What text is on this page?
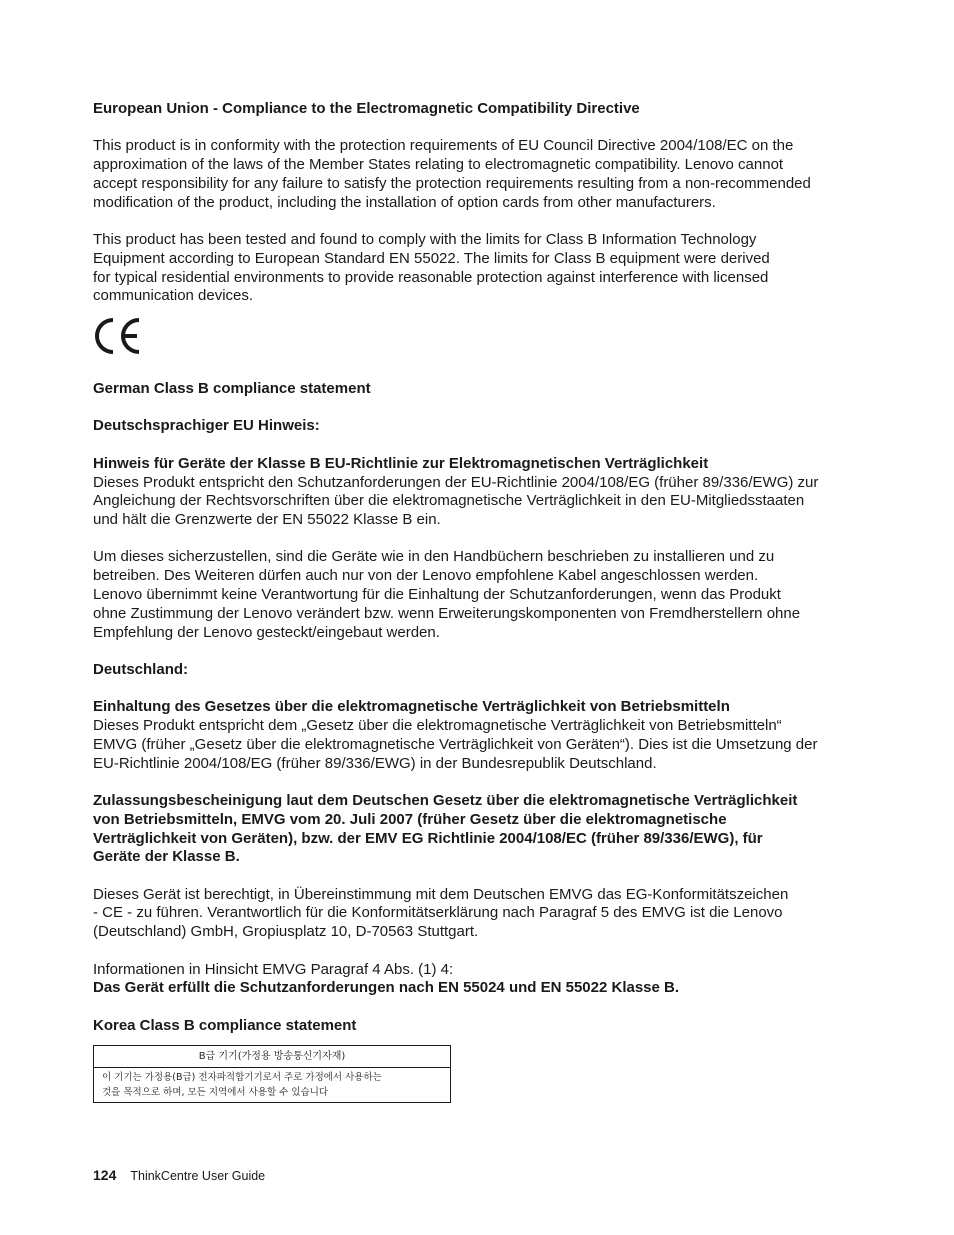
European Union - Compliance to the Electromagnetic Compatibility Directive

This product is in conformity with the protection requirements of EU Council Directive 2004/108/EC on the

approximation of the laws of the Member States relating to electromagnetic compatibility. Lenovo cannot

accept responsibility for any failure to satisfy the protection requirements resulting from a non-recommended

modification of the product, including the installation of option cards from other manufacturers.

This product has been tested and found to comply with the limits for Class B Information Technology

Equipment according to European Standard EN 55022. The limits for Class B equipment were derived

for typical residential environments to provide reasonable protection against interference with licensed

communication devices.

German Class B compliance statement

Deutschsprachiger EU Hinweis:

Hinweis für Geräte der Klasse B EU-Richtlinie zur Elektromagnetischen Verträglichkeit

Dieses Produkt entspricht den Schutzanforderungen der EU-Richtlinie 2004/108/EG (früher 89/336/EWG) zur

Angleichung der Rechtsvorschriften über die elektromagnetische Verträglichkeit in den EU-Mitgliedsstaaten

und hält die Grenzwerte der EN 55022 Klasse B ein.

Um dieses sicherzustellen, sind die Geräte wie in den Handbüchern beschrieben zu installieren und zu

betreiben. Des Weiteren dürfen auch nur von der Lenovo empfohlene Kabel angeschlossen werden.

Lenovo übernimmt keine Verantwortung für die Einhaltung der Schutzanforderungen, wenn das Produkt

ohne Zustimmung der Lenovo verändert bzw. wenn Erweiterungskomponenten von Fremdherstellern ohne

Empfehlung der Lenovo gesteckt/eingebaut werden.

Deutschland:

Einhaltung des Gesetzes über die elektromagnetische Verträglichkeit von Betriebsmitteln

Dieses Produkt entspricht dem „Gesetz über die elektromagnetische Verträglichkeit von Betriebsmitteln“

EMVG (früher „Gesetz über die elektromagnetische Verträglichkeit von Geräten“). Dies ist die Umsetzung der

EU-Richtlinie 2004/108/EG (früher 89/336/EWG) in der Bundesrepublik Deutschland.

Zulassungsbescheinigung laut dem Deutschen Gesetz über die elektromagnetische Verträglichkeit

von Betriebsmitteln, EMVG vom 20. Juli 2007 (früher Gesetz über die elektromagnetische

Verträglichkeit von Geräten), bzw. der EMV EG Richtlinie 2004/108/EC (früher 89/336/EWG), für

Geräte der Klasse B.

Dieses Gerät ist berechtigt, in Übereinstimmung mit dem Deutschen EMVG das EG-Konformitätszeichen

- CE - zu führen. Verantwortlich für die Konformitätserklärung nach Paragraf 5 des EMVG ist die Lenovo

(Deutschland) GmbH, Gropiusplatz 10, D-70563 Stuttgart.

Informationen in Hinsicht EMVG Paragraf 4 Abs. (1) 4:

Das Gerät erfüllt die Schutzanforderungen nach EN 55024 und EN 55022 Klasse B.

Korea Class B compliance statement

B급 기기(가정용 방송통신기자재)

이 기기는 가정용(B급) 전자파적합기기로서 주로 가정에서 사용하는
것을 목적으로 하며, 모든 지역에서 사용할 수 있습니다
124 ThinkCentre User Guide
